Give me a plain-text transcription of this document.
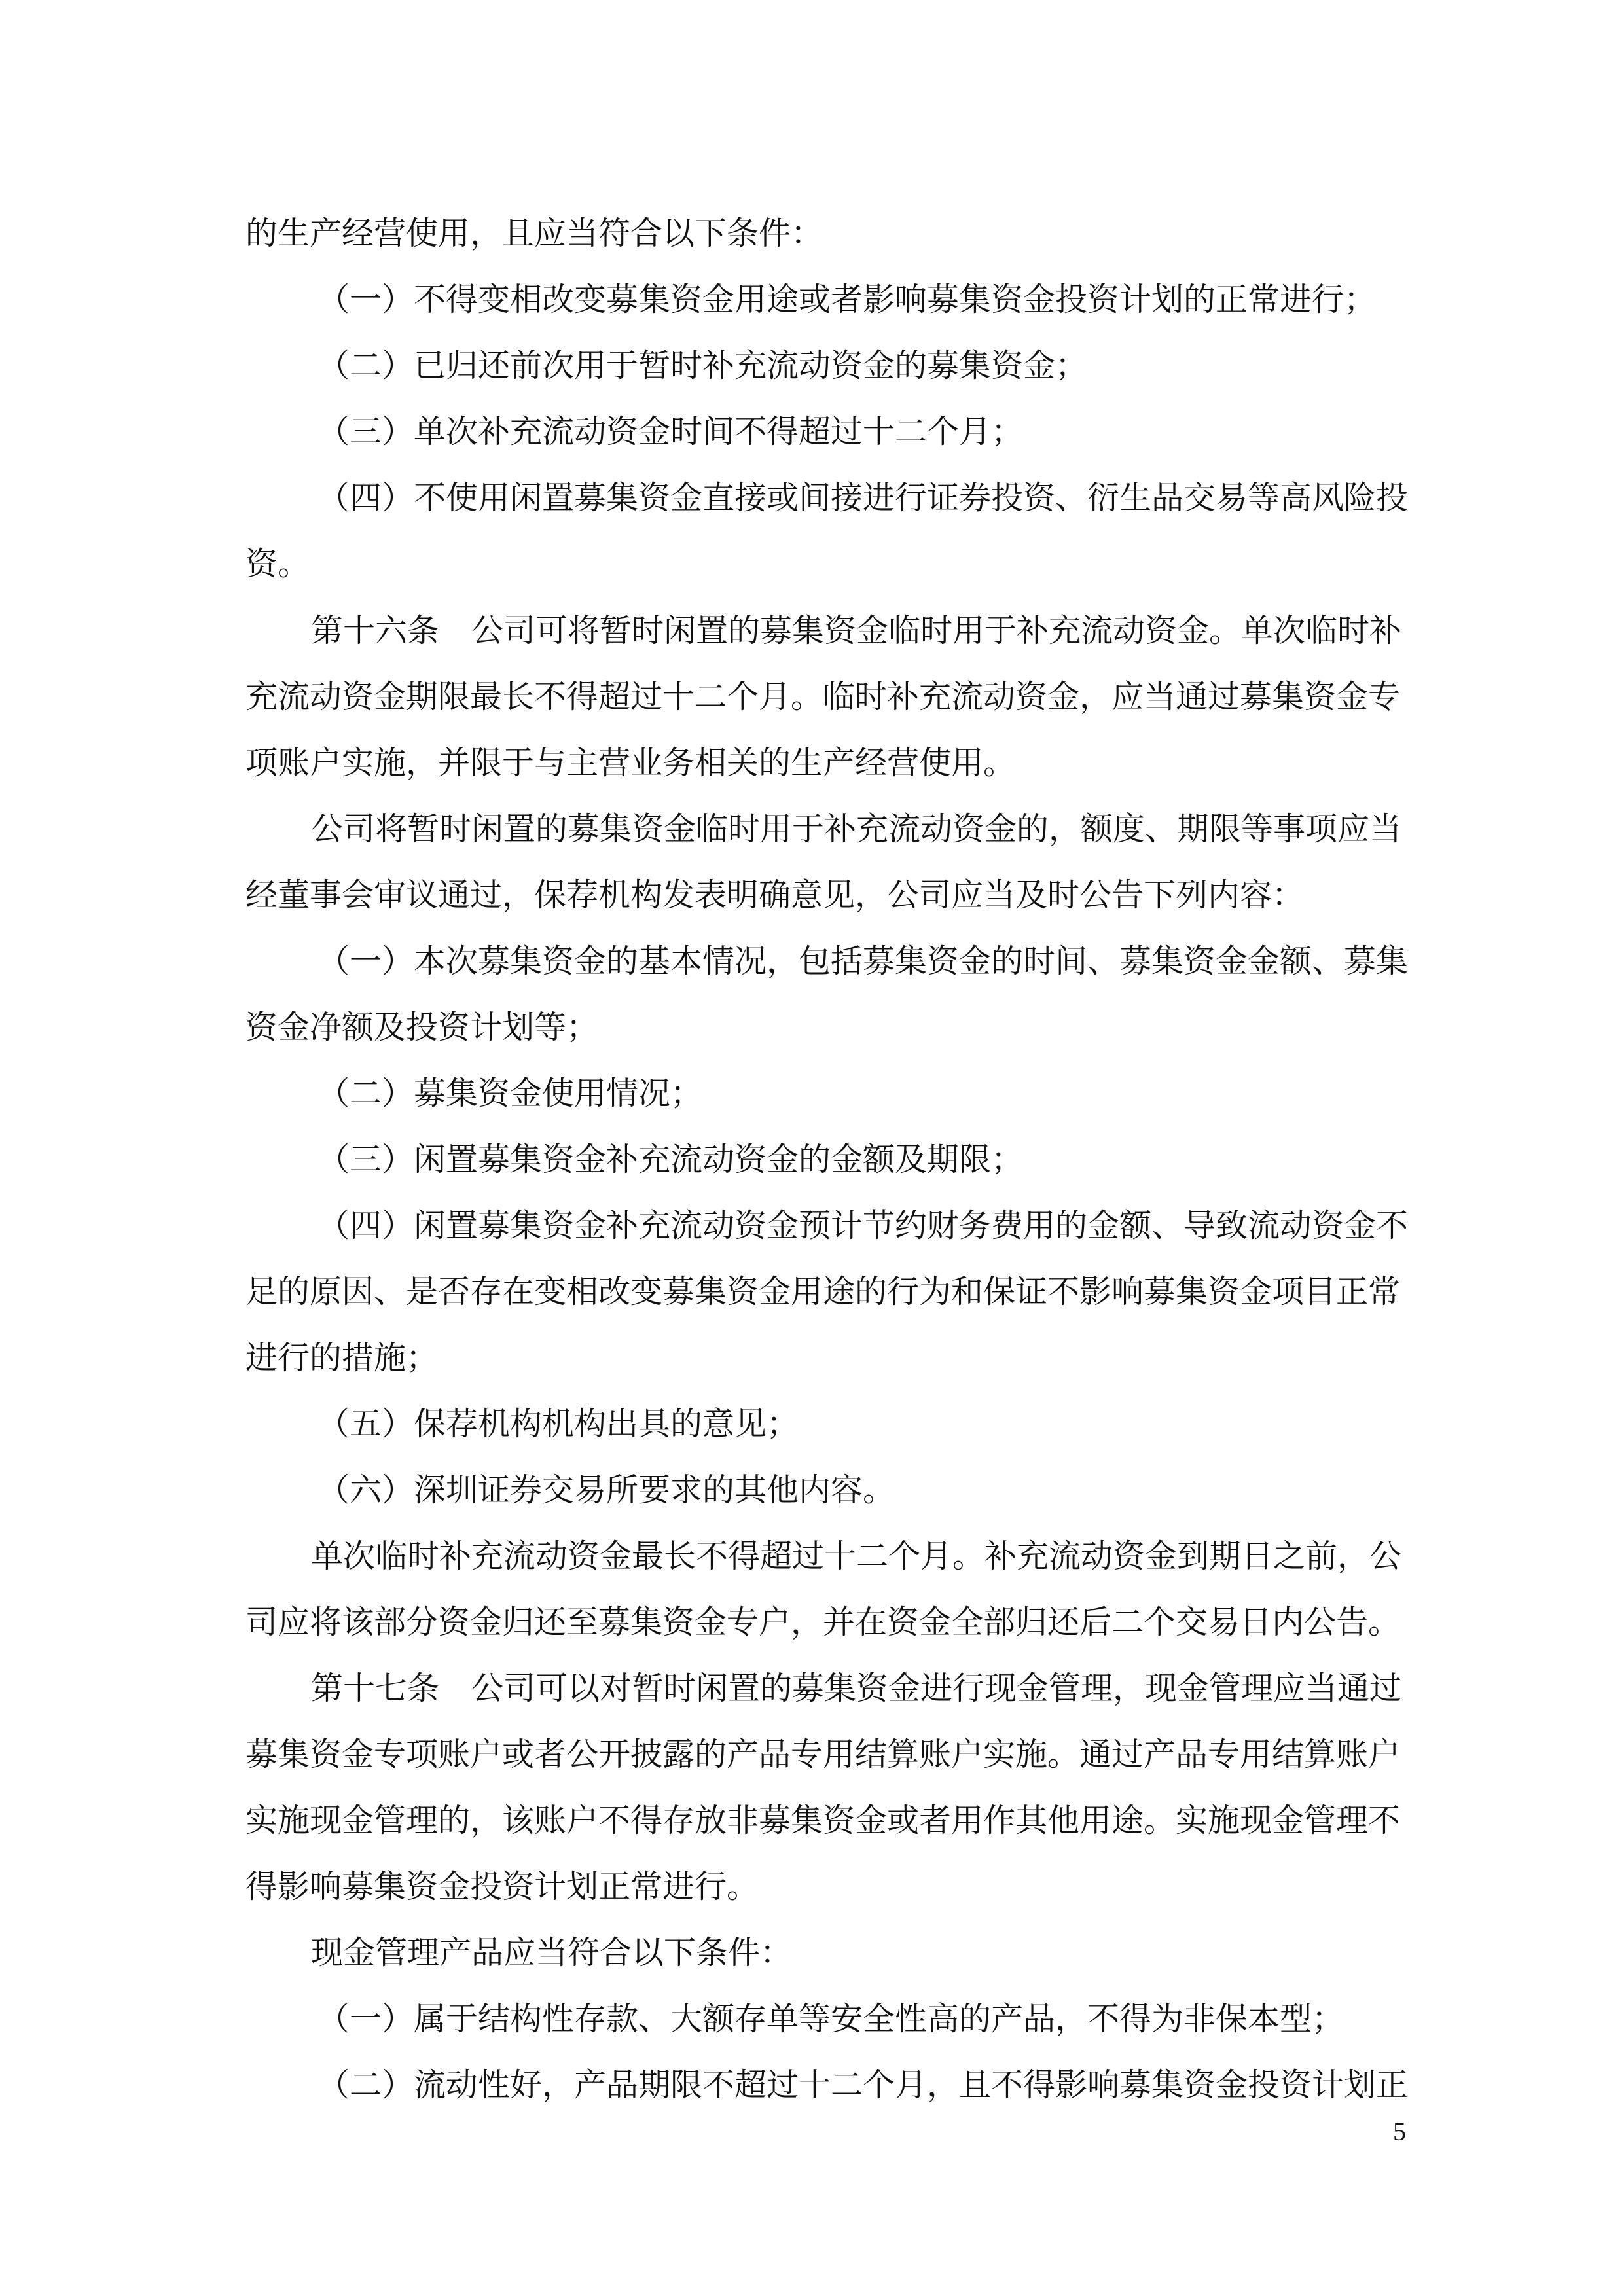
的生产经营使用，且应当符合以下条件：
（一）不得变相改变募集资金用途或者影响募集资金投资计划的正常进行；
（二）已归还前次用于暂时补充流动资金的募集资金；
（三）单次补充流动资金时间不得超过十二个月；
（四）不使用闲置募集资金直接或间接进行证券投资、衍生品交易等高风险投
资。
第十六条　公司可将暂时闲置的募集资金临时用于补充流动资金。单次临时补
充流动资金期限最长不得超过十二个月。临时补充流动资金，应当通过募集资金专
项账户实施，并限于与主营业务相关的生产经营使用。
公司将暂时闲置的募集资金临时用于补充流动资金的，额度、期限等事项应当
经董事会审议通过，保荐机构发表明确意见，公司应当及时公告下列内容：
（一）本次募集资金的基本情况，包括募集资金的时间、募集资金金额、募集
资金净额及投资计划等；
（二）募集资金使用情况；
（三）闲置募集资金补充流动资金的金额及期限；
（四）闲置募集资金补充流动资金预计节约财务费用的金额、导致流动资金不
足的原因、是否存在变相改变募集资金用途的行为和保证不影响募集资金项目正常
进行的措施；
（五）保荐机构机构出具的意见；
（六）深圳证券交易所要求的其他内容。
单次临时补充流动资金最长不得超过十二个月。补充流动资金到期日之前，公
司应将该部分资金归还至募集资金专户，并在资金全部归还后二个交易日内公告。
第十七条　公司可以对暂时闲置的募集资金进行现金管理，现金管理应当通过
募集资金专项账户或者公开披露的产品专用结算账户实施。通过产品专用结算账户
实施现金管理的，该账户不得存放非募集资金或者用作其他用途。实施现金管理不
得影响募集资金投资计划正常进行。
现金管理产品应当符合以下条件：
（一）属于结构性存款、大额存单等安全性高的产品，不得为非保本型；
（二）流动性好，产品期限不超过十二个月，且不得影响募集资金投资计划正
5
